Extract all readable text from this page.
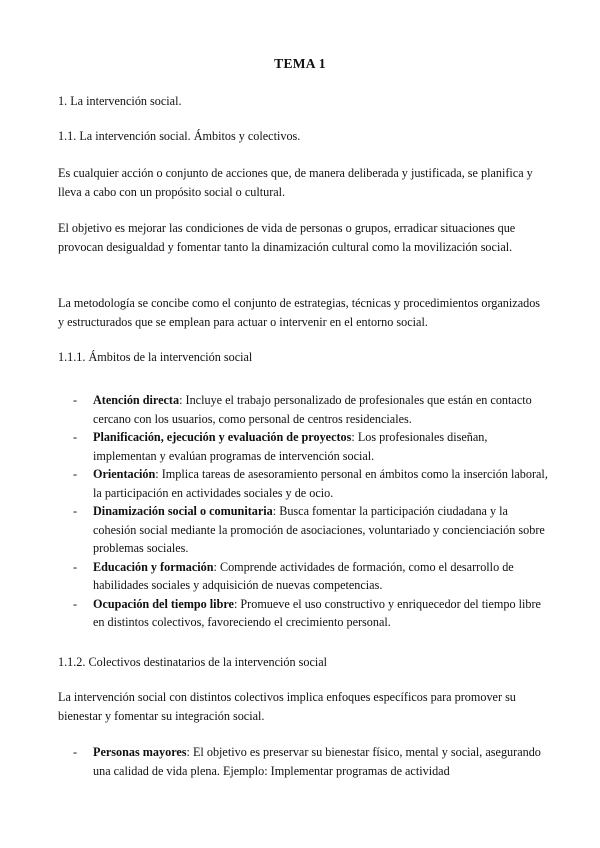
TEMA 1

1. La intervención social.

1.1. La intervención social. Ámbitos y colectivos.

Es cualquier acción o conjunto de acciones que, de manera deliberada y justificada, se planifica y lleva a cabo con un propósito social o cultural.

El objetivo es mejorar las condiciones de vida de personas o grupos, erradicar situaciones que provocan desigualdad y fomentar tanto la dinamización cultural como la movilización social.

La metodología se concibe como el conjunto de estrategias, técnicas y procedimientos organizados y estructurados que se emplean para actuar o intervenir en el entorno social.

1.1.1. Ámbitos de la intervención social

- Atención directa: Incluye el trabajo personalizado de profesionales que están en contacto cercano con los usuarios, como personal de centros residenciales.
- Planificación, ejecución y evaluación de proyectos: Los profesionales diseñan, implementan y evalúan programas de intervención social.
- Orientación: Implica tareas de asesoramiento personal en ámbitos como la inserción laboral, la participación en actividades sociales y de ocio.
- Dinamización social o comunitaria: Busca fomentar la participación ciudadana y la cohesión social mediante la promoción de asociaciones, voluntariado y concienciación sobre problemas sociales.
- Educación y formación: Comprende actividades de formación, como el desarrollo de habilidades sociales y adquisición de nuevas competencias.
- Ocupación del tiempo libre: Promueve el uso constructivo y enriquecedor del tiempo libre en distintos colectivos, favoreciendo el crecimiento personal.

1.1.2. Colectivos destinatarios de la intervención social

La intervención social con distintos colectivos implica enfoques específicos para promover su bienestar y fomentar su integración social.

- Personas mayores: El objetivo es preservar su bienestar físico, mental y social, asegurando una calidad de vida plena. Ejemplo: Implementar programas de actividad
